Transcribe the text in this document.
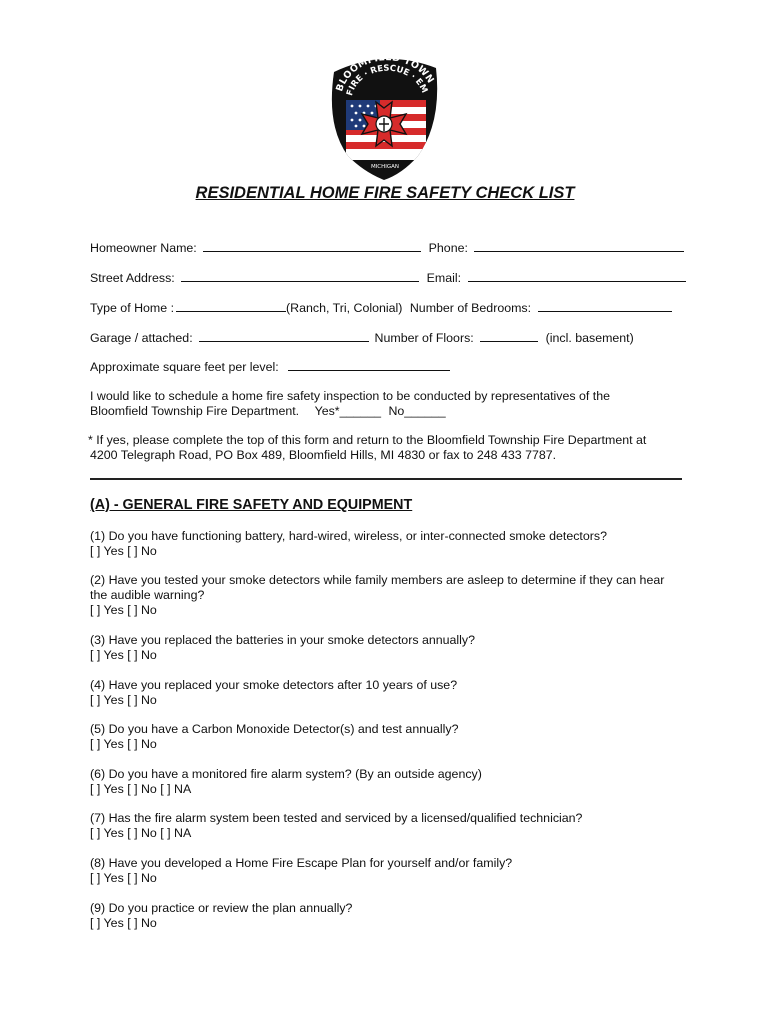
BLOOMFIELD TOWN
FIRE · RESCUE · EM
MICHIGAN
RESIDENTIAL HOME FIRE SAFETY CHECK LIST
Homeowner Name:	Phone:
Street Address:	Email:
Type of Home :	(Ranch, Tri, Colonial) Number of Bedrooms:
Garage / attached:	Number of Floors:	(incl. basement)
Approximate square feet per level:
I would like to schedule a home fire safety inspection to be conducted by representatives of the
Bloomfield Township Fire Department. Yes*______ No______
* If yes, please complete the top of this form and return to the Bloomfield Township Fire Department at
4200 Telegraph Road, PO Box 489, Bloomfield Hills, MI 4830 or fax to 248 433 7787.
(A) - GENERAL FIRE SAFETY AND EQUIPMENT
(1) Do you have functioning battery, hard-wired, wireless, or inter-connected smoke detectors?
[ ] Yes [ ] No
(2) Have you tested your smoke detectors while family members are asleep to determine if they can hear
the audible warning?
[ ] Yes [ ] No
(3) Have you replaced the batteries in your smoke detectors annually?
[ ] Yes [ ] No
(4) Have you replaced your smoke detectors after 10 years of use?
[ ] Yes [ ] No
(5) Do you have a Carbon Monoxide Detector(s) and test annually?
[ ] Yes [ ] No
(6) Do you have a monitored fire alarm system? (By an outside agency)
[ ] Yes [ ] No [ ] NA
(7) Has the fire alarm system been tested and serviced by a licensed/qualified technician?
[ ] Yes [ ] No [ ] NA
(8) Have you developed a Home Fire Escape Plan for yourself and/or family?
[ ] Yes [ ] No
(9) Do you practice or review the plan annually?
[ ] Yes [ ] No
